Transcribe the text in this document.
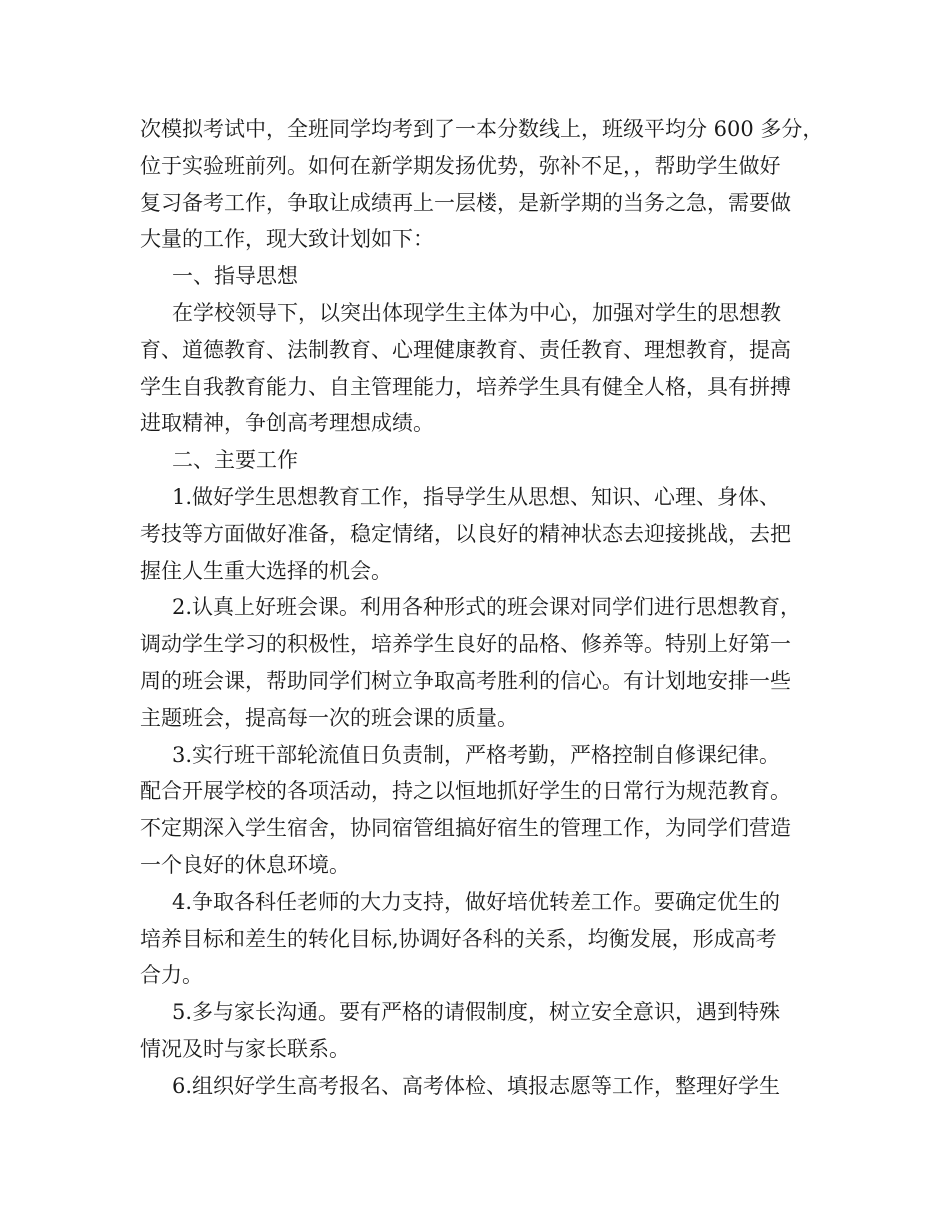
次模拟考试中，全班同学均考到了一本分数线上，班级平均分 600 多分，
位于实验班前列。如何在新学期发扬优势，弥补不足，，帮助学生做好
复习备考工作，争取让成绩再上一层楼，是新学期的当务之急，需要做
大量的工作，现大致计划如下：

一、指导思想

在学校领导下，以突出体现学生主体为中心，加强对学生的思想教
育、道德教育、法制教育、心理健康教育、责任教育、理想教育，提高
学生自我教育能力、自主管理能力，培养学生具有健全人格，具有拼搏
进取精神，争创高考理想成绩。

二、主要工作

1.做好学生思想教育工作，指导学生从思想、知识、心理、身体、
考技等方面做好准备，稳定情绪，以良好的精神状态去迎接挑战，去把
握住人生重大选择的机会。

2.认真上好班会课。利用各种形式的班会课对同学们进行思想教育，
调动学生学习的积极性，培养学生良好的品格、修养等。特别上好第一
周的班会课，帮助同学们树立争取高考胜利的信心。有计划地安排一些
主题班会，提高每一次的班会课的质量。

3.实行班干部轮流值日负责制，严格考勤，严格控制自修课纪律。
配合开展学校的各项活动，持之以恒地抓好学生的日常行为规范教育。
不定期深入学生宿舍，协同宿管组搞好宿生的管理工作，为同学们营造
一个良好的休息环境。

4.争取各科任老师的大力支持，做好培优转差工作。要确定优生的
培养目标和差生的转化目标,协调好各科的关系，均衡发展，形成高考
合力。

5.多与家长沟通。要有严格的请假制度，树立安全意识，遇到特殊
情况及时与家长联系。

6.组织好学生高考报名、高考体检、填报志愿等工作，整理好学生
